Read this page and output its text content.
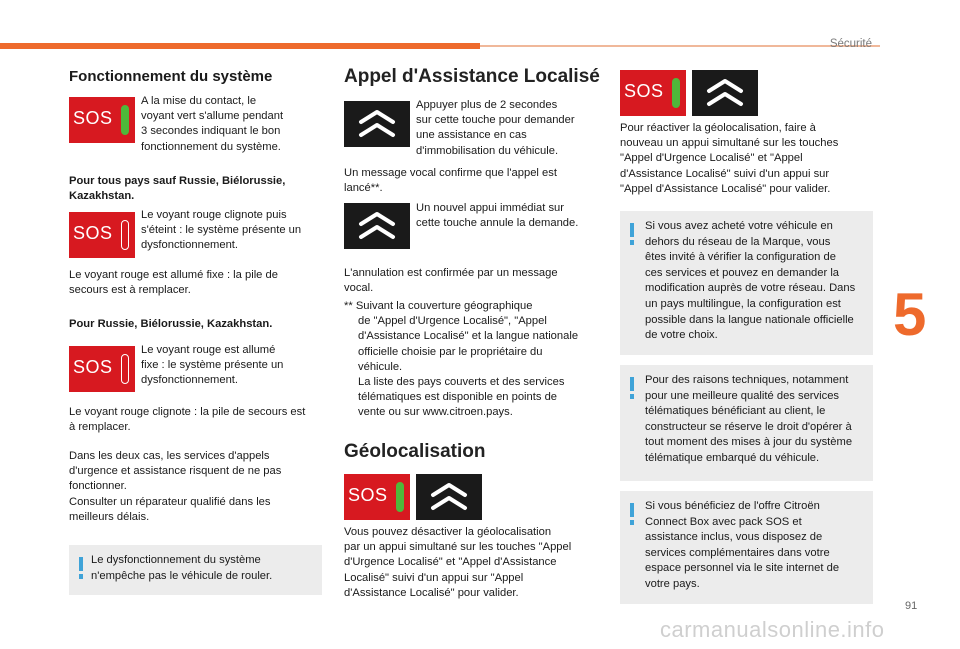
Sécurité
5
91
carmanualsonline.info
Fonctionnement du système
SOS
A la mise du contact, le
voyant vert s'allume pendant
3 secondes indiquant le bon
fonctionnement du système.
Pour tous pays sauf Russie, Biélorussie,
Kazakhstan.
SOS
Le voyant rouge clignote puis
s'éteint : le système présente un
dysfonctionnement.
Le voyant rouge est allumé fixe : la pile de
secours est à remplacer.
Pour Russie, Biélorussie, Kazakhstan.
SOS
Le voyant rouge est allumé
fixe : le système présente un
dysfonctionnement.
Le voyant rouge clignote : la pile de secours est
à remplacer.
Dans les deux cas, les services d'appels
d'urgence et assistance risquent de ne pas
fonctionner.
Consulter un réparateur qualifié dans les
meilleurs délais.
Le dysfonctionnement du système
n'empêche pas le véhicule de rouler.
Appel d'Assistance Localisé
Appuyer plus de 2 secondes
sur cette touche pour demander
une assistance en cas
d'immobilisation du véhicule.
Un message vocal confirme que l'appel est
lancé**.
Un nouvel appui immédiat sur
cette touche annule la demande.
L'annulation est confirmée par un message
vocal.
** Suivant la couverture géographique
de "Appel d'Urgence Localisé", "Appel
d'Assistance Localisé" et la langue nationale
officielle choisie par le propriétaire du
véhicule.
La liste des pays couverts et des services
télématiques est disponible en points de
vente ou sur www.citroen.pays.
Géolocalisation
SOS
Vous pouvez désactiver la géolocalisation
par un appui simultané sur les touches "Appel
d'Urgence Localisé" et "Appel d'Assistance
Localisé" suivi d'un appui sur "Appel
d'Assistance Localisé" pour valider.
SOS
Pour réactiver la géolocalisation, faire à
nouveau un appui simultané sur les touches
"Appel d'Urgence Localisé" et "Appel
d'Assistance Localisé" suivi d'un appui sur
"Appel d'Assistance Localisé" pour valider.
Si vous avez acheté votre véhicule en
dehors du réseau de la Marque, vous
êtes invité à vérifier la configuration de
ces services et pouvez en demander la
modification auprès de votre réseau. Dans
un pays multilingue, la configuration est
possible dans la langue nationale officielle
de votre choix.
Pour des raisons techniques, notamment
pour une meilleure qualité des services
télématiques bénéficiant au client, le
constructeur se réserve le droit d'opérer à
tout moment des mises à jour du système
télématique embarqué du véhicule.
Si vous bénéficiez de l'offre Citroën
Connect Box avec pack SOS et
assistance inclus, vous disposez de
services complémentaires dans votre
espace personnel via le site internet de
votre pays.
